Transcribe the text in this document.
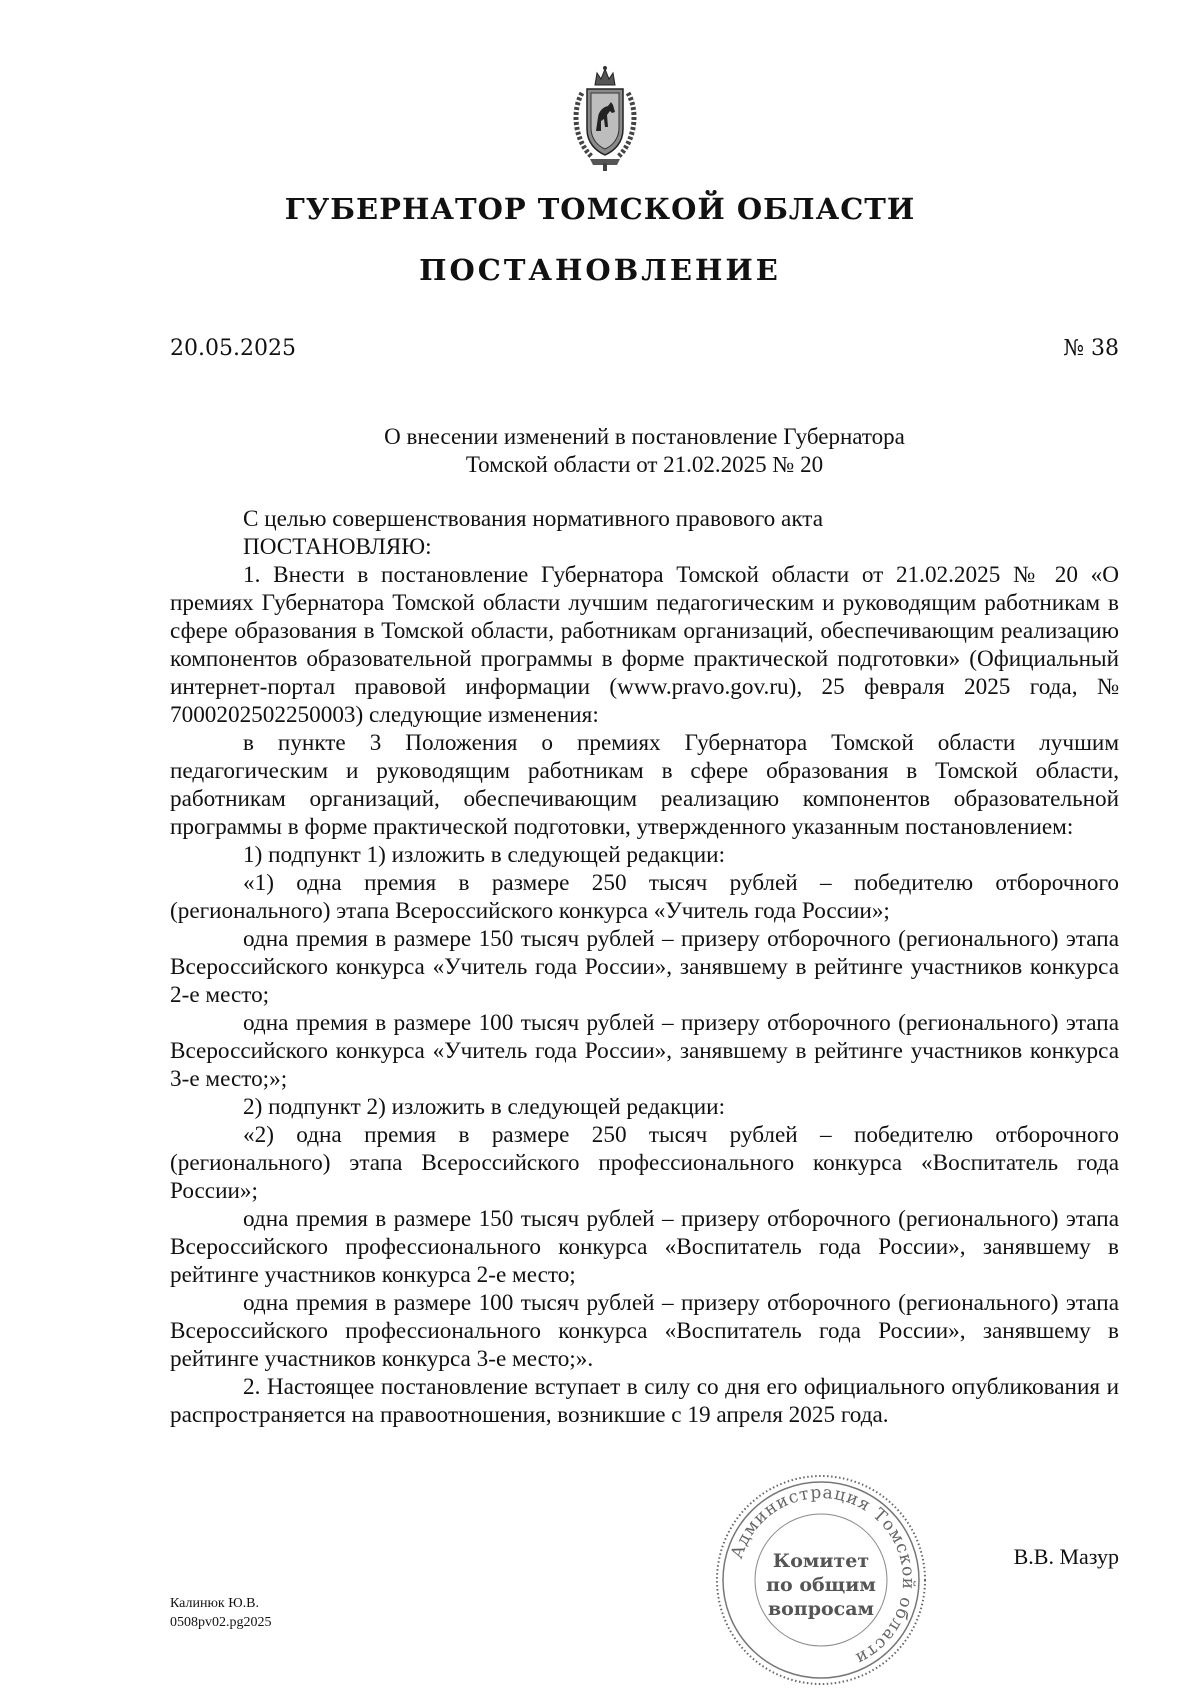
ГУБЕРНАТОР ТОМСКОЙ ОБЛАСТИ
ПОСТАНОВЛЕНИЕ
20.05.2025	№ 38
О внесении изменений в постановление Губернатора
Томской области от 21.02.2025 № 20

С целью совершенствования нормативного правового акта

ПОСТАНОВЛЯЮ:

1. Внести в постановление Губернатора Томской области от 21.02.2025 № 20 «О премиях Губернатора Томской области лучшим педагогическим и руководящим работникам в сфере образования в Томской области, работникам организаций, обеспечивающим реализацию компонентов образовательной программы в форме практической подготовки» (Официальный интернет-портал правовой информации (www.pravo.gov.ru), 25 февраля 2025 года, № 7000202502250003) следующие изменения:

в пункте 3 Положения о премиях Губернатора Томской области лучшим педагогическим и руководящим работникам в сфере образования в Томской области, работникам организаций, обеспечивающим реализацию компонентов образовательной программы в форме практической подготовки, утвержденного указанным постановлением:

1) подпункт 1) изложить в следующей редакции:

«1) одна премия в размере 250 тысяч рублей – победителю отборочного (регионального) этапа Всероссийского конкурса «Учитель года России»;

одна премия в размере 150 тысяч рублей – призеру отборочного (регионального) этапа Всероссийского конкурса «Учитель года России», занявшему в рейтинге участников конкурса 2-е место;

одна премия в размере 100 тысяч рублей – призеру отборочного (регионального) этапа Всероссийского конкурса «Учитель года России», занявшему в рейтинге участников конкурса 3-е место;»;

2) подпункт 2) изложить в следующей редакции:

«2) одна премия в размере 250 тысяч рублей – победителю отборочного (регионального) этапа Всероссийского профессионального конкурса «Воспитатель года России»;

одна премия в размере 150 тысяч рублей – призеру отборочного (регионального) этапа Всероссийского профессионального конкурса «Воспитатель года России», занявшему в рейтинге участников конкурса 2-е место;

одна премия в размере 100 тысяч рублей – призеру отборочного (регионального) этапа Всероссийского профессионального конкурса «Воспитатель года России», занявшему в рейтинге участников конкурса 3-е место;».

2. Настоящее постановление вступает в силу со дня его официального опубликования и распространяется на правоотношения, возникшие с 19 апреля 2025 года.

Администрация Томской области
Комитет
по общим
вопросам
В.В. Мазур
Калинюк Ю.В.
0508pv02.pg2025
